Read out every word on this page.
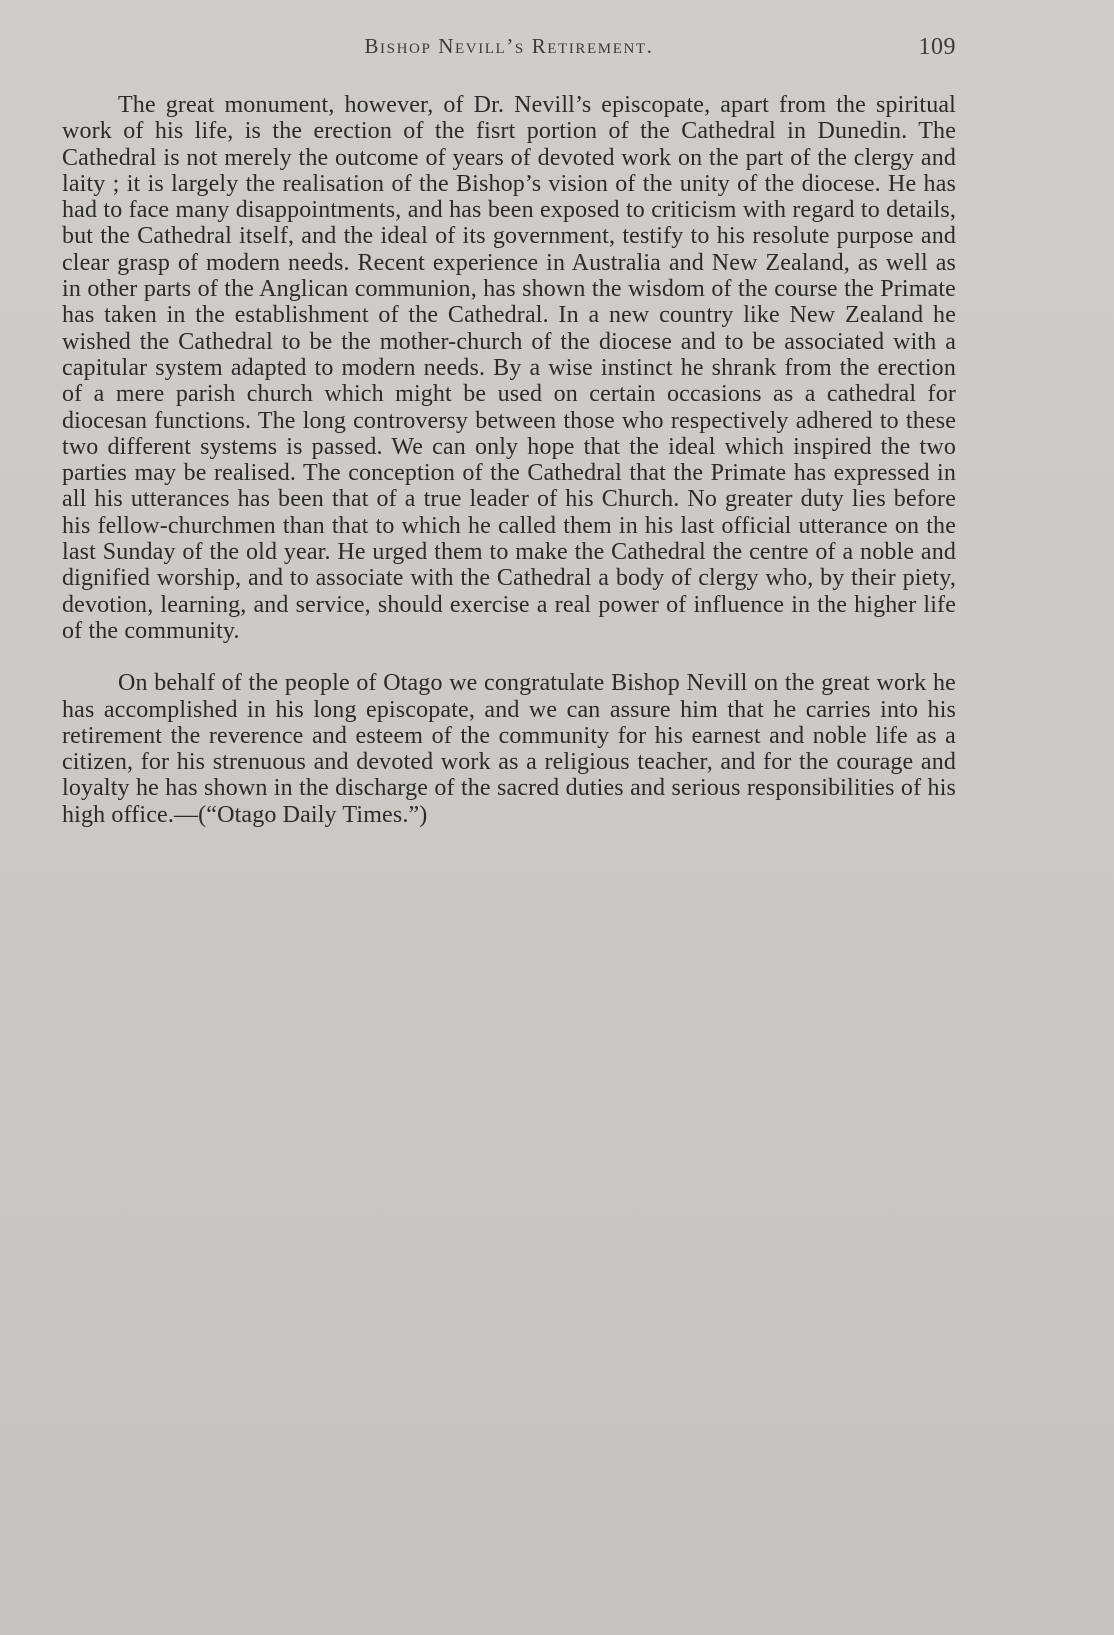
Bishop Nevill’s Retirement.	109

The great monument, however, of Dr. Nevill’s episcopate, apart from the spiritual work of his life, is the erection of the fisrt portion of the Cathedral in Dunedin. The Cathedral is not merely the outcome of years of devoted work on the part of the clergy and laity ; it is largely the realisation of the Bishop’s vision of the unity of the diocese. He has had to face many disappointments, and has been exposed to criticism with regard to details, but the Cathedral itself, and the ideal of its government, testify to his resolute purpose and clear grasp of modern needs. Recent experience in Australia and New Zealand, as well as in other parts of the Anglican communion, has shown the wisdom of the course the Primate has taken in the establishment of the Cathedral. In a new country like New Zealand he wished the Cathedral to be the mother-church of the diocese and to be associated with a capitular system adapted to modern needs. By a wise instinct he shrank from the erection of a mere parish church which might be used on certain occasions as a cathedral for diocesan functions. The long controversy between those who respectively adhered to these two different systems is passed. We can only hope that the ideal which inspired the two parties may be realised. The conception of the Cathedral that the Primate has expressed in all his utterances has been that of a true leader of his Church. No greater duty lies before his fellow-churchmen than that to which he called them in his last official utterance on the last Sunday of the old year. He urged them to make the Cathedral the centre of a noble and dignified worship, and to associate with the Cathedral a body of clergy who, by their piety, devotion, learning, and service, should exercise a real power of influence in the higher life of the community.

On behalf of the people of Otago we congratulate Bishop Nevill on the great work he has accomplished in his long episcopate, and we can assure him that he carries into his retirement the reverence and esteem of the community for his earnest and noble life as a citizen, for his strenuous and devoted work as a religious teacher, and for the courage and loyalty he has shown in the discharge of the sacred duties and serious responsibilities of his high office.—(“Otago Daily Times.”)
